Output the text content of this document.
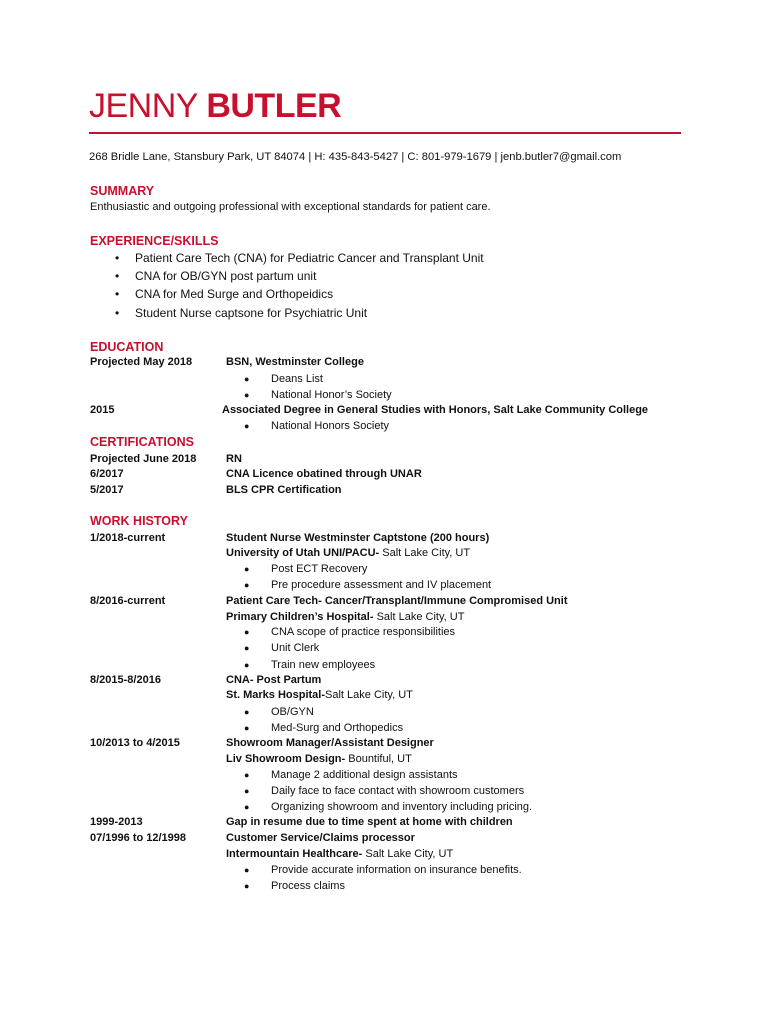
JENNY BUTLER
268 Bridle Lane, Stansbury Park, UT 84074 | H: 435-843-5427 | C: 801-979-1679 | jenb.butler7@gmail.com
SUMMARY
Enthusiastic and outgoing professional with exceptional standards for patient care.
EXPERIENCE/SKILLS
• Patient Care Tech (CNA) for Pediatric Cancer and Transplant Unit
• CNA for OB/GYN post partum unit
• CNA for Med Surge and Orthopeidics
• Student Nurse captsone for Psychiatric Unit
EDUCATION
Projected May 2018	BSN, Westminster College
● Deans List
● National Honor’s Society
2015	Associated Degree in General Studies with Honors, Salt Lake Community College
● National Honors Society
CERTIFICATIONS
Projected June 2018	RN
6/2017	CNA Licence obatined through UNAR
5/2017	BLS CPR Certification
WORK HISTORY
1/2018-current	Student Nurse Westminster Captstone (200 hours)
University of Utah UNI/PACU- Salt Lake City, UT
● Post ECT Recovery
● Pre procedure assessment and IV placement
8/2016-current	Patient Care Tech- Cancer/Transplant/Immune Compromised Unit
Primary Children’s Hospital- Salt Lake City, UT
● CNA scope of practice responsibilities
● Unit Clerk
● Train new employees
8/2015-8/2016	CNA- Post Partum
St. Marks Hospital-Salt Lake City, UT
● OB/GYN
● Med-Surg and Orthopedics
10/2013 to 4/2015	Showroom Manager/Assistant Designer
Liv Showroom Design- Bountiful, UT
● Manage 2 additional design assistants
● Daily face to face contact with showroom customers
● Organizing showroom and inventory including pricing.
1999-2013	Gap in resume due to time spent at home with children
07/1996 to 12/1998	Customer Service/Claims processor
Intermountain Healthcare- Salt Lake City, UT
● Provide accurate information on insurance benefits.
● Process claims
